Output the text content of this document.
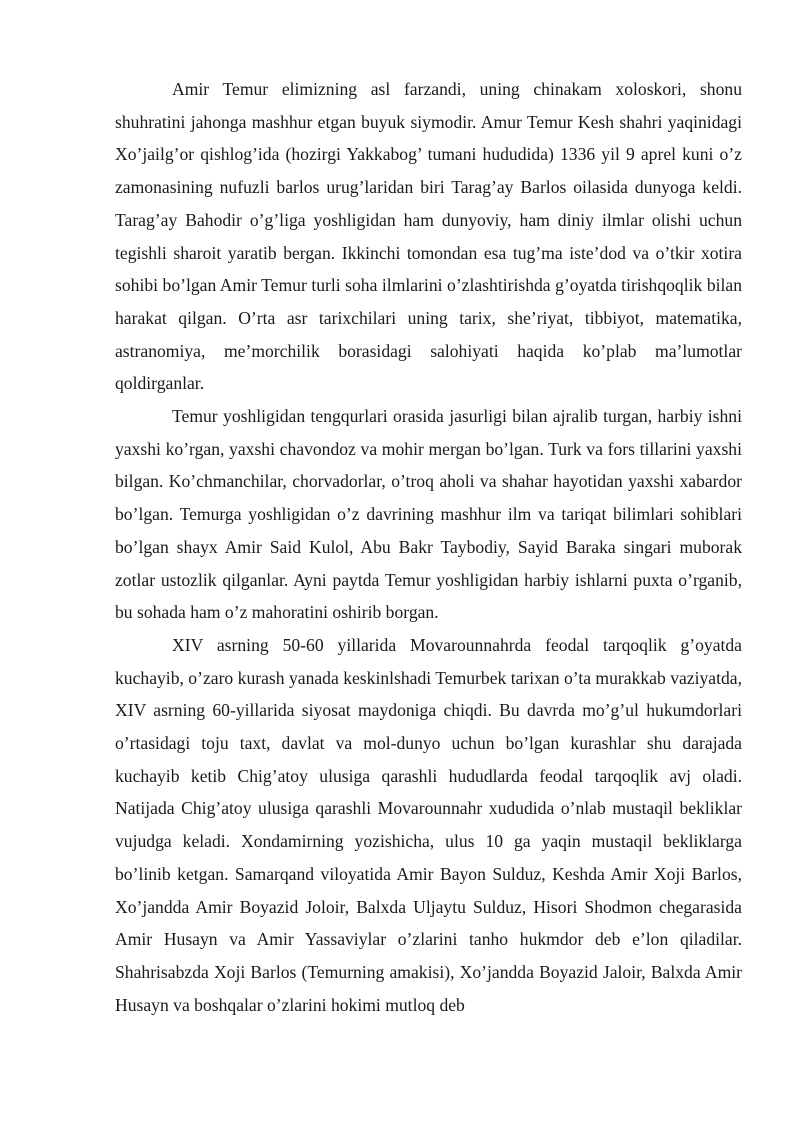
Amir Temur elimizning asl farzandi, uning chinakam xoloskori, shonu shuhratini jahonga mashhur etgan buyuk siymodir. Amur Temur Kesh shahri yaqinidagi Xo’jailg’or qishlog’ida (hozirgi Yakkabog’ tumani hududida) 1336 yil 9 aprel kuni o’z zamonasining nufuzli barlos urug’laridan biri Tarag’ay Barlos oilasida dunyoga keldi. Tarag’ay Bahodir o’g’liga yoshligidan ham dunyoviy, ham diniy ilmlar olishi uchun tegishli sharoit yaratib bergan. Ikkinchi tomondan esa tug’ma iste’dod va o’tkir xotira sohibi bo’lgan Amir Temur turli soha ilmlarini o’zlashtirishda g’oyatda tirishqoqlik bilan harakat qilgan. O’rta asr tarixchilari uning tarix, she’riyat, tibbiyot, matematika, astranomiya, me’morchilik borasidagi salohiyati haqida ko’plab ma’lumotlar qoldirganlar.

Temur yoshligidan tengqurlari orasida jasurligi bilan ajralib turgan, harbiy ishni yaxshi ko’rgan, yaxshi chavondoz va mohir mergan bo’lgan. Turk va fors tillarini yaxshi bilgan. Ko’chmanchilar, chorvadorlar, o’troq aholi va shahar hayotidan yaxshi xabardor bo’lgan. Temurga yoshligidan o’z davrining mashhur ilm va tariqat bilimlari sohiblari bo’lgan shayx Amir Said Kulol, Abu Bakr Taybodiy, Sayid Baraka singari muborak zotlar ustozlik qilganlar. Ayni paytda Temur yoshligidan harbiy ishlarni puxta o’rganib, bu sohada ham o’z mahoratini oshirib borgan.

XIV asrning 50-60 yillarida Movarounnahrda feodal tarqoqlik g’oyatda kuchayib, o’zaro kurash yanada keskinlshadi Temurbek tarixan o’ta murakkab vaziyatda, XIV asrning 60-yillarida siyosat maydoniga chiqdi. Bu davrda mo’g’ul hukumdorlari o’rtasidagi toju taxt, davlat va mol-dunyo uchun bo’lgan kurashlar shu darajada kuchayib ketib Chig’atoy ulusiga qarashli hududlarda feodal tarqoqlik avj oladi. Natijada Chig’atoy ulusiga qarashli Movarounnahr xududida o’nlab mustaqil bekliklar vujudga keladi. Xondamirning yozishicha, ulus 10 ga yaqin mustaqil bekliklarga bo’linib ketgan. Samarqand viloyatida Amir Bayon Sulduz, Keshda Amir Xoji Barlos, Xo’jandda Amir Boyazid Joloir, Balxda Uljaytu Sulduz, Hisori Shodmon chegarasida Amir Husayn va Amir Yassaviylar o’zlarini tanho hukmdor deb e’lon qiladilar. Shahrisabzda Xoji Barlos (Temurning amakisi), Xo’jandda Boyazid Jaloir, Balxda Amir Husayn va boshqalar o’zlarini hokimi mutloq deb
